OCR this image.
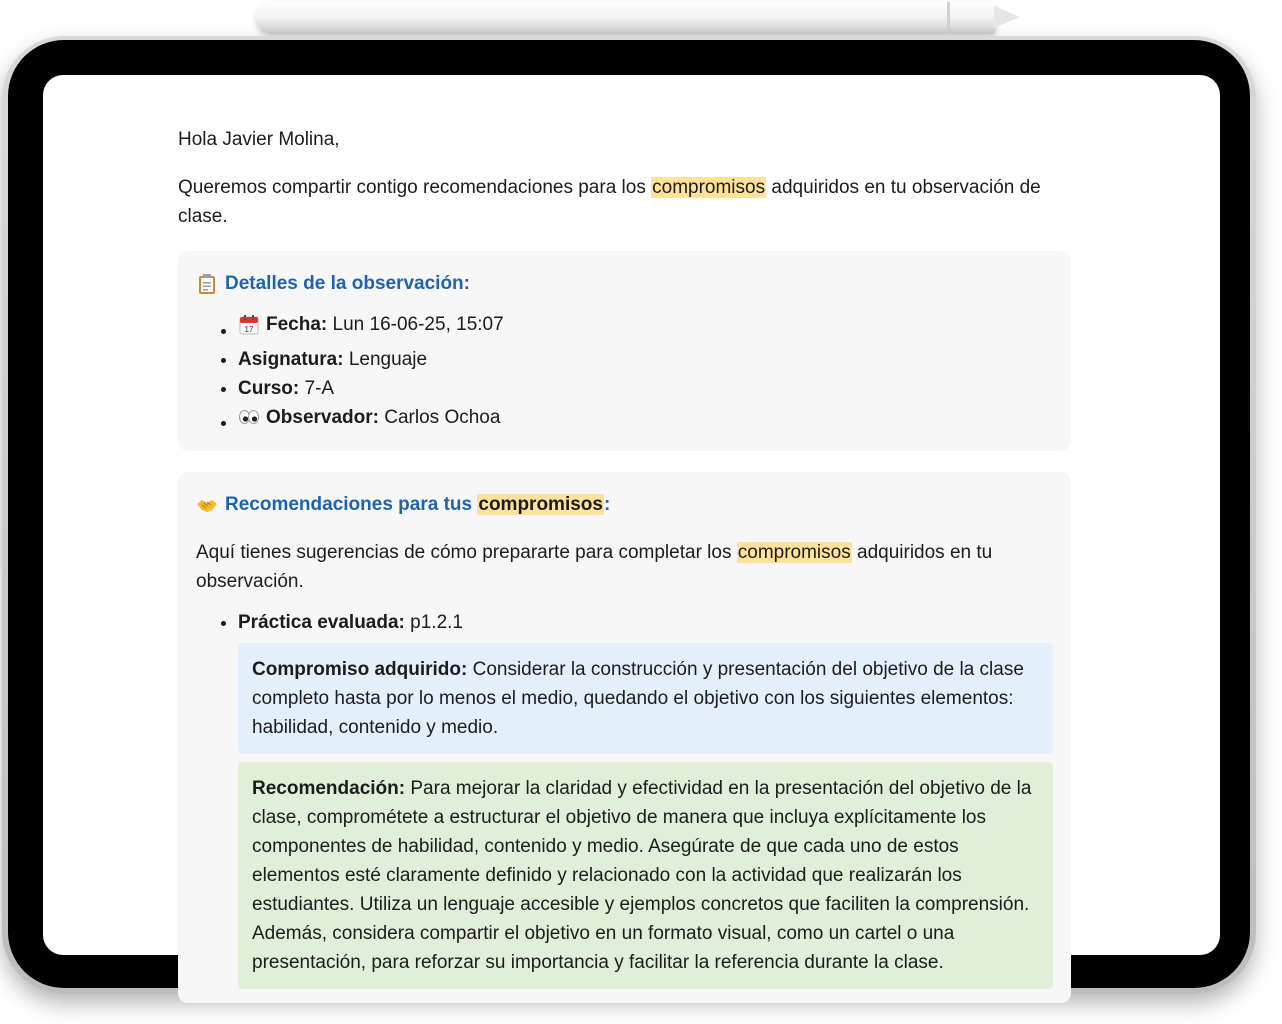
Hola Javier Molina,

Queremos compartir contigo recomendaciones para los compromisos adquiridos en tu observación de clase.

Detalles de la observación:
• 17 Fecha:
Lun 16-06-25, 15:07
• Asignatura: Lenguaje
• Curso: 7-A
• Observador:
Carlos Ochoa
Recomendaciones para tus compromisos:

Aquí tienes sugerencias de cómo prepararte para completar los compromisos adquiridos en tu observación.

• Práctica evaluada: p1.2.1
Compromiso adquirido: Considerar la construcción y presentación del objetivo de la clase completo hasta por lo menos el medio, quedando el objetivo con los siguientes elementos: habilidad, contenido y medio.
Recomendación: Para mejorar la claridad y efectividad en la presentación del objetivo de la clase, comprométete a estructurar el objetivo de manera que incluya explícitamente los componentes de habilidad, contenido y medio. Asegúrate de que cada uno de estos elementos esté claramente definido y relacionado con la actividad que realizarán los estudiantes. Utiliza un lenguaje accesible y ejemplos concretos que faciliten la comprensión. Además, considera compartir el objetivo en un formato visual, como un cartel o una presentación, para reforzar su importancia y facilitar la referencia durante la clase.
